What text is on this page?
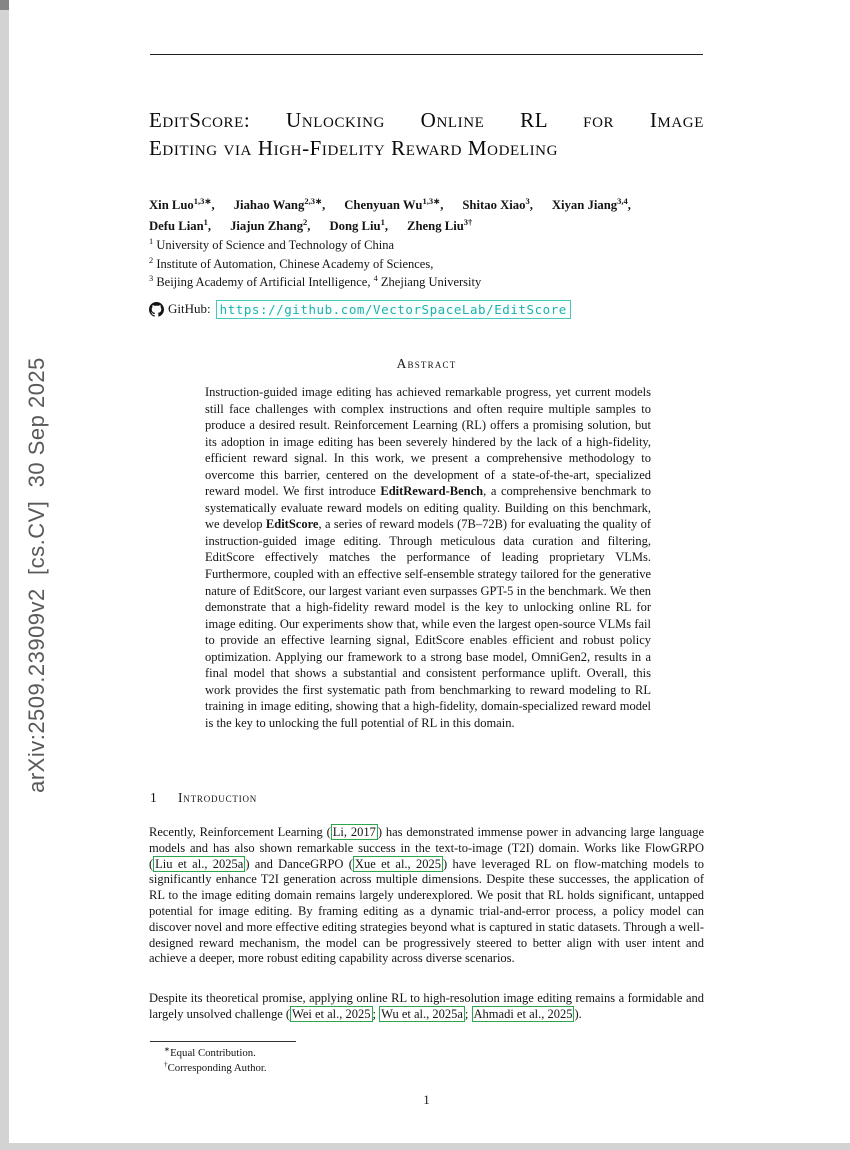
arXiv:2509.23909v2  [cs.CV]  30 Sep 2025
EditScore: Unlocking Online RL for Image
Editing via High-Fidelity Reward Modeling
Xin Luo$^{1,3∗}$, Jiahao Wang$^{2,3∗}$, Chenyuan $Wu^{1,3∗}$, Shitao Xiao$^3$, Xiyan Jiang$^{3,4}$,
Defu Lian$^1$, Jiajun Zhang$^2$, Dong Liu$^1$, Zheng Liu$^{3\dagger}$
$^1$ University of Science and Technology of China
$^2$ Institute of Automation, Chinese Academy of Sciences,
$^3$ Beijing Academy of Artificial Intelligence, $^4$ Zhejiang University
GitHub: https://github.com/VectorSpaceLab/EditScore
Abstract

Instruction-guided image editing has achieved remarkable progress, yet current models still face challenges with complex instructions and often require multiple samples to produce a desired result. Reinforcement Learning (RL) offers a promising solution, but its adoption in image editing has been severely hindered by the lack of a high-fidelity, efficient reward signal. In this work, we present a comprehensive methodology to overcome this barrier, centered on the development of a state-of-the-art, specialized reward model. We first introduce EditReward-Bench, a comprehensive benchmark to systematically evaluate reward models on editing quality. Building on this benchmark, we develop EditScore, a series of reward models (7B–72B) for evaluating the quality of instruction-guided image editing. Through meticulous data curation and filtering, EditScore effectively matches the performance of leading proprietary VLMs. Furthermore, coupled with an effective self-ensemble strategy tailored for the generative nature of EditScore, our largest variant even surpasses GPT-5 in the benchmark. We then demonstrate that a high-fidelity reward model is the key to unlocking online RL for image editing. Our experiments show that, while even the largest open-source VLMs fail to provide an effective learning signal, EditScore enables efficient and robust policy optimization. Applying our framework to a strong base model, OmniGen2, results in a final model that shows a substantial and consistent performance uplift. Overall, this work provides the first systematic path from benchmarking to reward modeling to RL training in image editing, showing that a high-fidelity, domain-specialized reward model is the key to unlocking the full potential of RL in this domain.

1 Introduction

Recently, Reinforcement Learning ( Li, 2017 ) has demonstrated immense power in advancing large language models and has also shown remarkable success in the text-to-image (T2I) domain. Works like FlowGRPO ( Liu et al., 2025a ) and DanceGRPO ( Xue et al., 2025 ) have leveraged RL on flow-matching models to significantly enhance T2I generation across multiple dimensions. Despite these successes, the application of RL to the image editing domain remains largely underexplored. We posit that RL holds significant, untapped potential for image editing. By framing editing as a dynamic trial-and-error process, a policy model can discover novel and more effective editing strategies beyond what is captured in static datasets. Through a well-designed reward mechanism, the model can be progressively steered to better align with user intent and achieve a deeper, more robust editing capability across diverse scenarios.

Despite its theoretical promise, applying online RL to high-resolution image editing remains a formidable and largely unsolved challenge ( Wei et al., 2025 ; Wu et al., 2025a ; Ahmadi et al., 2025 ).

∗Equal Contribution.
†Corresponding Author.
1
